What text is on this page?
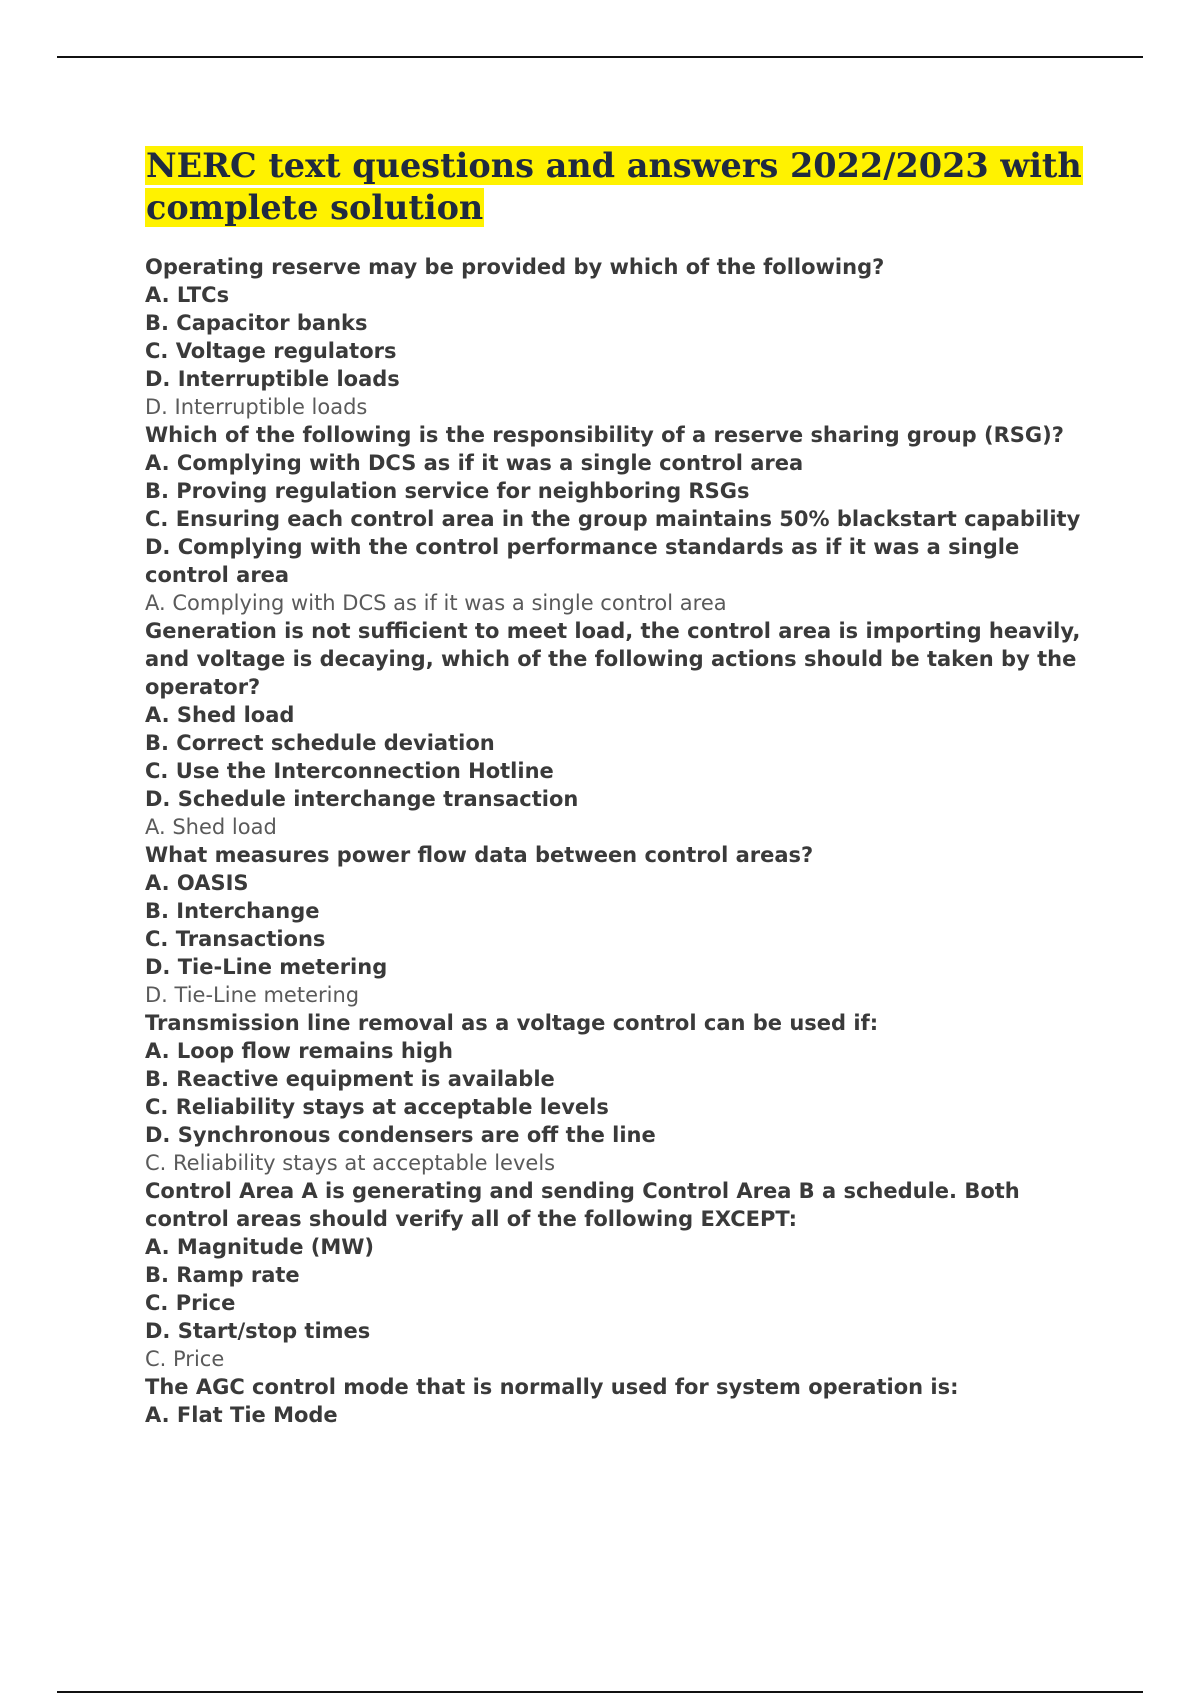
NERC text questions and answers 2022/2023 with complete solution

Operating reserve may be provided by which of the following?

A. LTCs

B. Capacitor banks

C. Voltage regulators

D. Interruptible loads

D. Interruptible loads

Which of the following is the responsibility of a reserve sharing group (RSG)?

A. Complying with DCS as if it was a single control area

B. Proving regulation service for neighboring RSGs

C. Ensuring each control area in the group maintains 50% blackstart capability

D. Complying with the control performance standards as if it was a single control area

A. Complying with DCS as if it was a single control area

Generation is not sufficient to meet load, the control area is importing heavily, and voltage is decaying, which of the following actions should be taken by the operator?

A. Shed load

B. Correct schedule deviation

C. Use the Interconnection Hotline

D. Schedule interchange transaction

A. Shed load

What measures power flow data between control areas?

A. OASIS

B. Interchange

C. Transactions

D. Tie-Line metering

D. Tie-Line metering

Transmission line removal as a voltage control can be used if:

A. Loop flow remains high

B. Reactive equipment is available

C. Reliability stays at acceptable levels

D. Synchronous condensers are off the line

C. Reliability stays at acceptable levels

Control Area A is generating and sending Control Area B a schedule. Both control areas should verify all of the following EXCEPT:

A. Magnitude (MW)

B. Ramp rate

C. Price

D. Start/stop times

C. Price

The AGC control mode that is normally used for system operation is:

A. Flat Tie Mode
